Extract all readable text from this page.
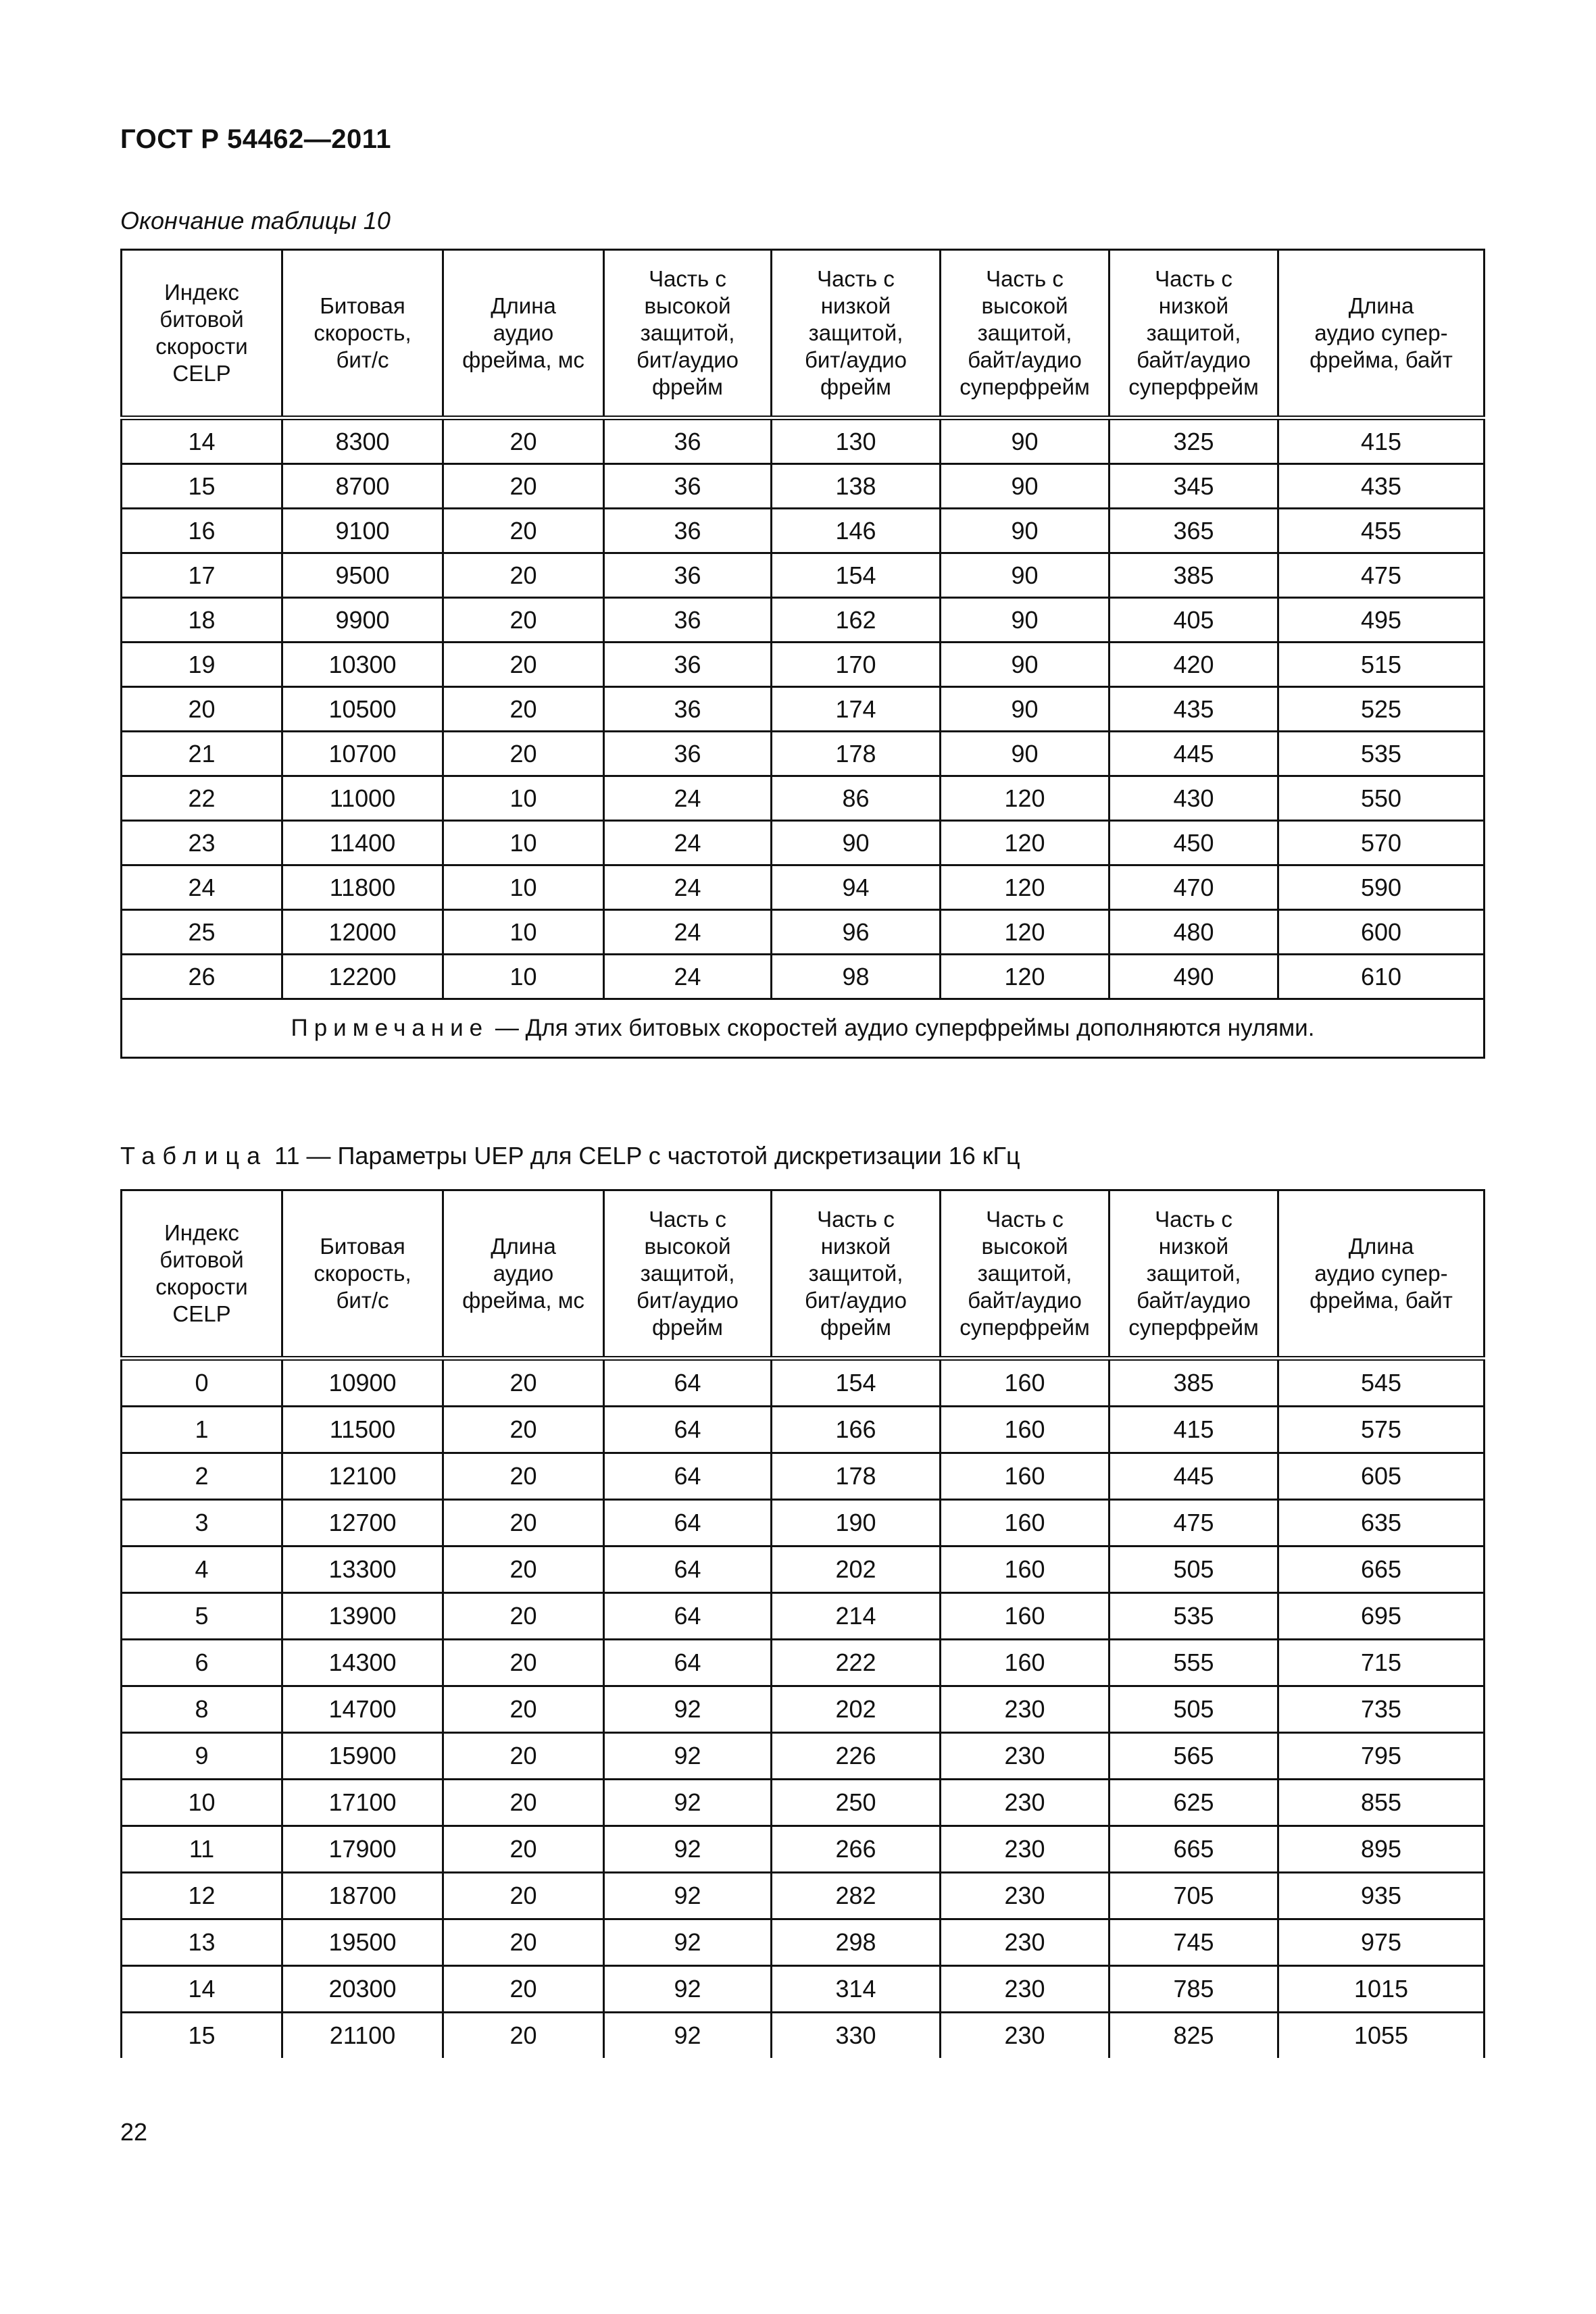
ГОСТ Р 54462—2011
Окончание таблицы 10
Индекс
битовой
скорости
CELP	Битовая
скорость,
бит/с	Длина
аудио
фрейма, мс	Часть с
высокой
защитой,
бит/аудио
фрейм	Часть с
низкой
защитой,
бит/аудио
фрейм	Часть с
высокой
защитой,
байт/аудио
суперфрейм	Часть с
низкой
защитой,
байт/аудио
суперфрейм	Длина
аудио супер-
фрейма, байт
14	8300	20	36	130	90	325	415
15	8700	20	36	138	90	345	435
16	9100	20	36	146	90	365	455
17	9500	20	36	154	90	385	475
18	9900	20	36	162	90	405	495
19	10300	20	36	170	90	420	515
20	10500	20	36	174	90	435	525
21	10700	20	36	178	90	445	535
22	11000	10	24	86	120	430	550
23	11400	10	24	90	120	450	570
24	11800	10	24	94	120	470	590
25	12000	10	24	96	120	480	600
26	12200	10	24	98	120	490	610
Примечание — Для этих битовых скоростей аудио суперфреймы дополняются нулями.							
Таблица 11 — Параметры UEP для CELP с частотой дискретизации 16 кГц
Индекс
битовой
скорости
CELP	Битовая
скорость,
бит/с	Длина
аудио
фрейма, мс	Часть с
высокой
защитой,
бит/аудио
фрейм	Часть с
низкой
защитой,
бит/аудио
фрейм	Часть с
высокой
защитой,
байт/аудио
суперфрейм	Часть с
низкой
защитой,
байт/аудио
суперфрейм	Длина
аудио супер-
фрейма, байт
0	10900	20	64	154	160	385	545
1	11500	20	64	166	160	415	575
2	12100	20	64	178	160	445	605
3	12700	20	64	190	160	475	635
4	13300	20	64	202	160	505	665
5	13900	20	64	214	160	535	695
6	14300	20	64	222	160	555	715
8	14700	20	92	202	230	505	735
9	15900	20	92	226	230	565	795
10	17100	20	92	250	230	625	855
11	17900	20	92	266	230	665	895
12	18700	20	92	282	230	705	935
13	19500	20	92	298	230	745	975
14	20300	20	92	314	230	785	1015
15	21100	20	92	330	230	825	1055
22
